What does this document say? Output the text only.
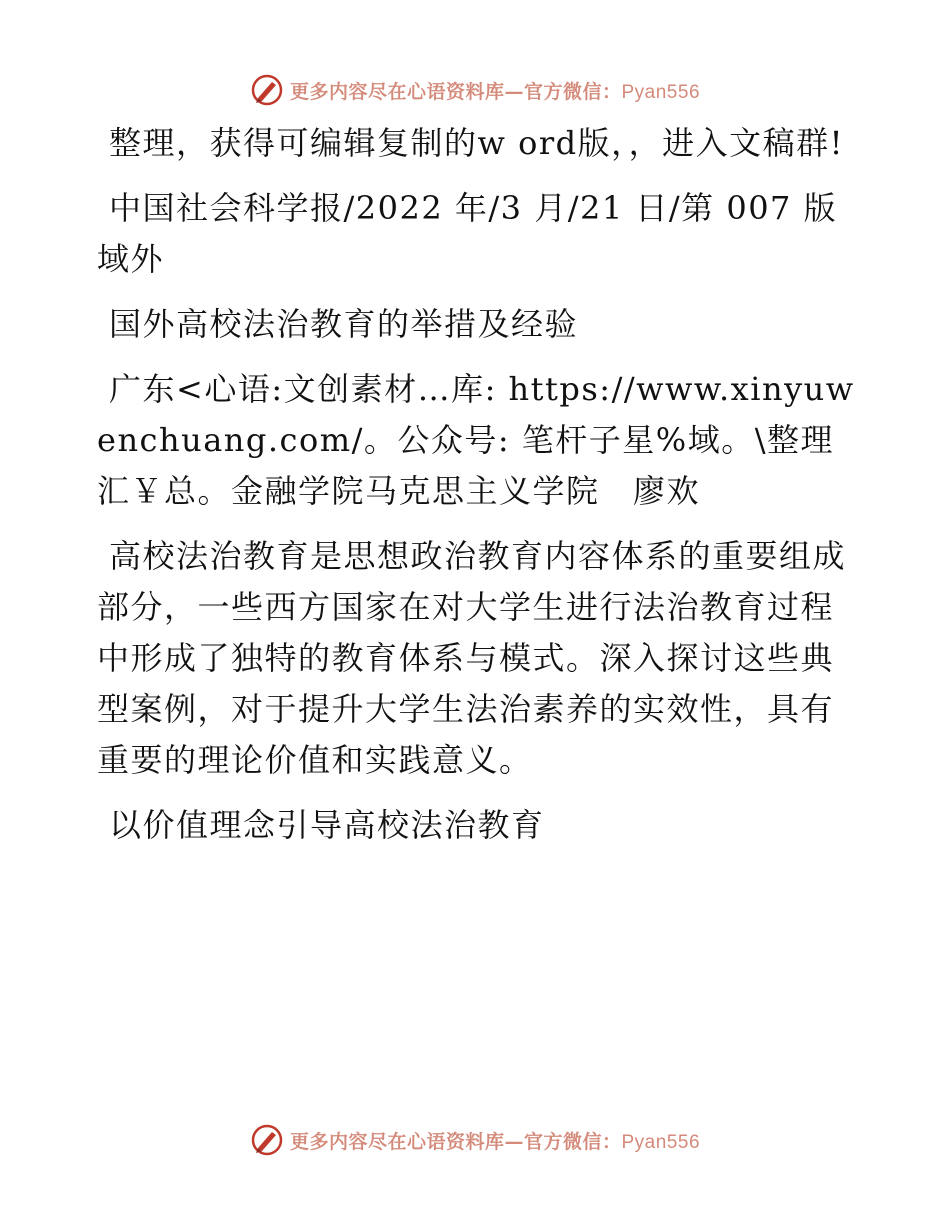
更多内容尽在心语资料库—官方微信：Pyan556

整理，获得可编辑复制的w ord版，，进入文稿群!

中国社会科学报/2022 年/3 月/21 日/第 007 版域外

国外高校法治教育的举措及经验

广东<心语:文创素材…库: https://www.xinyuwenchuang.com/。公众号: 笔杆子星%域。\整理汇￥总。金融学院马克思主义学院　廖欢

高校法治教育是思想政治教育内容体系的重要组成部分，一些西方国家在对大学生进行法治教育过程中形成了独特的教育体系与模式。深入探讨这些典型案例，对于提升大学生法治素养的实效性，具有重要的理论价值和实践意义。

以价值理念引导高校法治教育

更多内容尽在心语资料库—官方微信：Pyan556
